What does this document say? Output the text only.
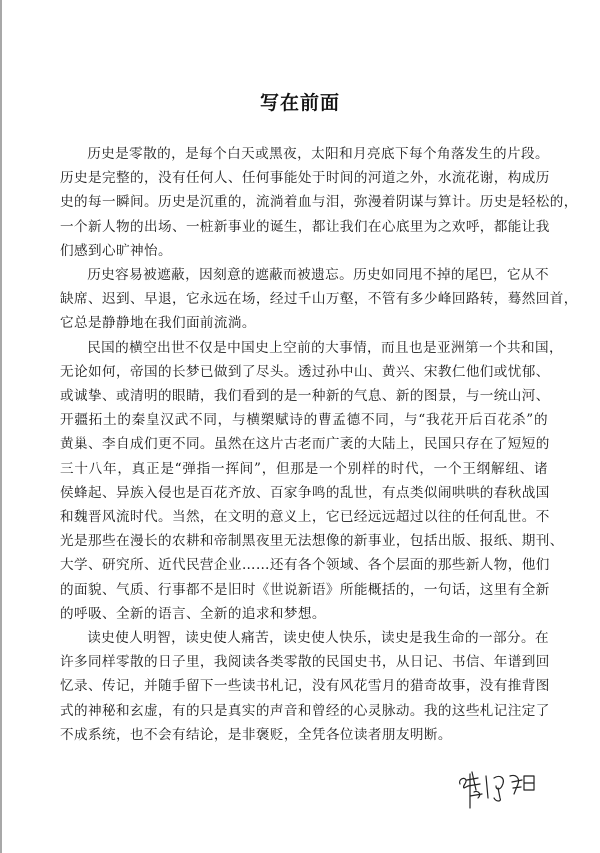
写在前面
历史是零散的，是每个白天或黑夜，太阳和月亮底下每个角落发生的片段。
历史是完整的，没有任何人、任何事能处于时间的河道之外，水流花谢，构成历
史的每一瞬间。历史是沉重的，流淌着血与泪，弥漫着阴谋与算计。历史是轻松的，
一个新人物的出场、一桩新事业的诞生，都让我们在心底里为之欢呼，都能让我
们感到心旷神怡。
历史容易被遮蔽，因刻意的遮蔽而被遗忘。历史如同甩不掉的尾巴，它从不
缺席、迟到、早退，它永远在场，经过千山万壑，不管有多少峰回路转，蓦然回首，
它总是静静地在我们面前流淌。
民国的横空出世不仅是中国史上空前的大事情，而且也是亚洲第一个共和国，
无论如何，帝国的长梦已做到了尽头。透过孙中山、黄兴、宋教仁他们或忧郁、
或诚挚、或清明的眼睛，我们看到的是一种新的气息、新的图景，与一统山河、
开疆拓土的秦皇汉武不同，与横槊赋诗的曹孟德不同，与“我花开后百花杀”的
黄巢、李自成们更不同。虽然在这片古老而广袤的大陆上，民国只存在了短短的
三十八年，真正是“弹指一挥间”，但那是一个别样的时代，一个王纲解纽、诸
侯蜂起、异族入侵也是百花齐放、百家争鸣的乱世，有点类似闹哄哄的春秋战国
和魏晋风流时代。当然，在文明的意义上，它已经远远超过以往的任何乱世。不
光是那些在漫长的农耕和帝制黑夜里无法想像的新事业，包括出版、报纸、期刊、
大学、研究所、近代民营企业……还有各个领域、各个层面的那些新人物，他们
的面貌、气质、行事都不是旧时《世说新语》所能概括的，一句话，这里有全新
的呼吸、全新的语言、全新的追求和梦想。
读史使人明智，读史使人痛苦，读史使人快乐，读史是我生命的一部分。在
许多同样零散的日子里，我阅读各类零散的民国史书，从日记、书信、年谱到回
忆录、传记，并随手留下一些读书札记，没有风花雪月的猎奇故事，没有推背图
式的神秘和玄虚，有的只是真实的声音和曾经的心灵脉动。我的这些札记注定了
不成系统，也不会有结论，是非褒贬，全凭各位读者朋友明断。
